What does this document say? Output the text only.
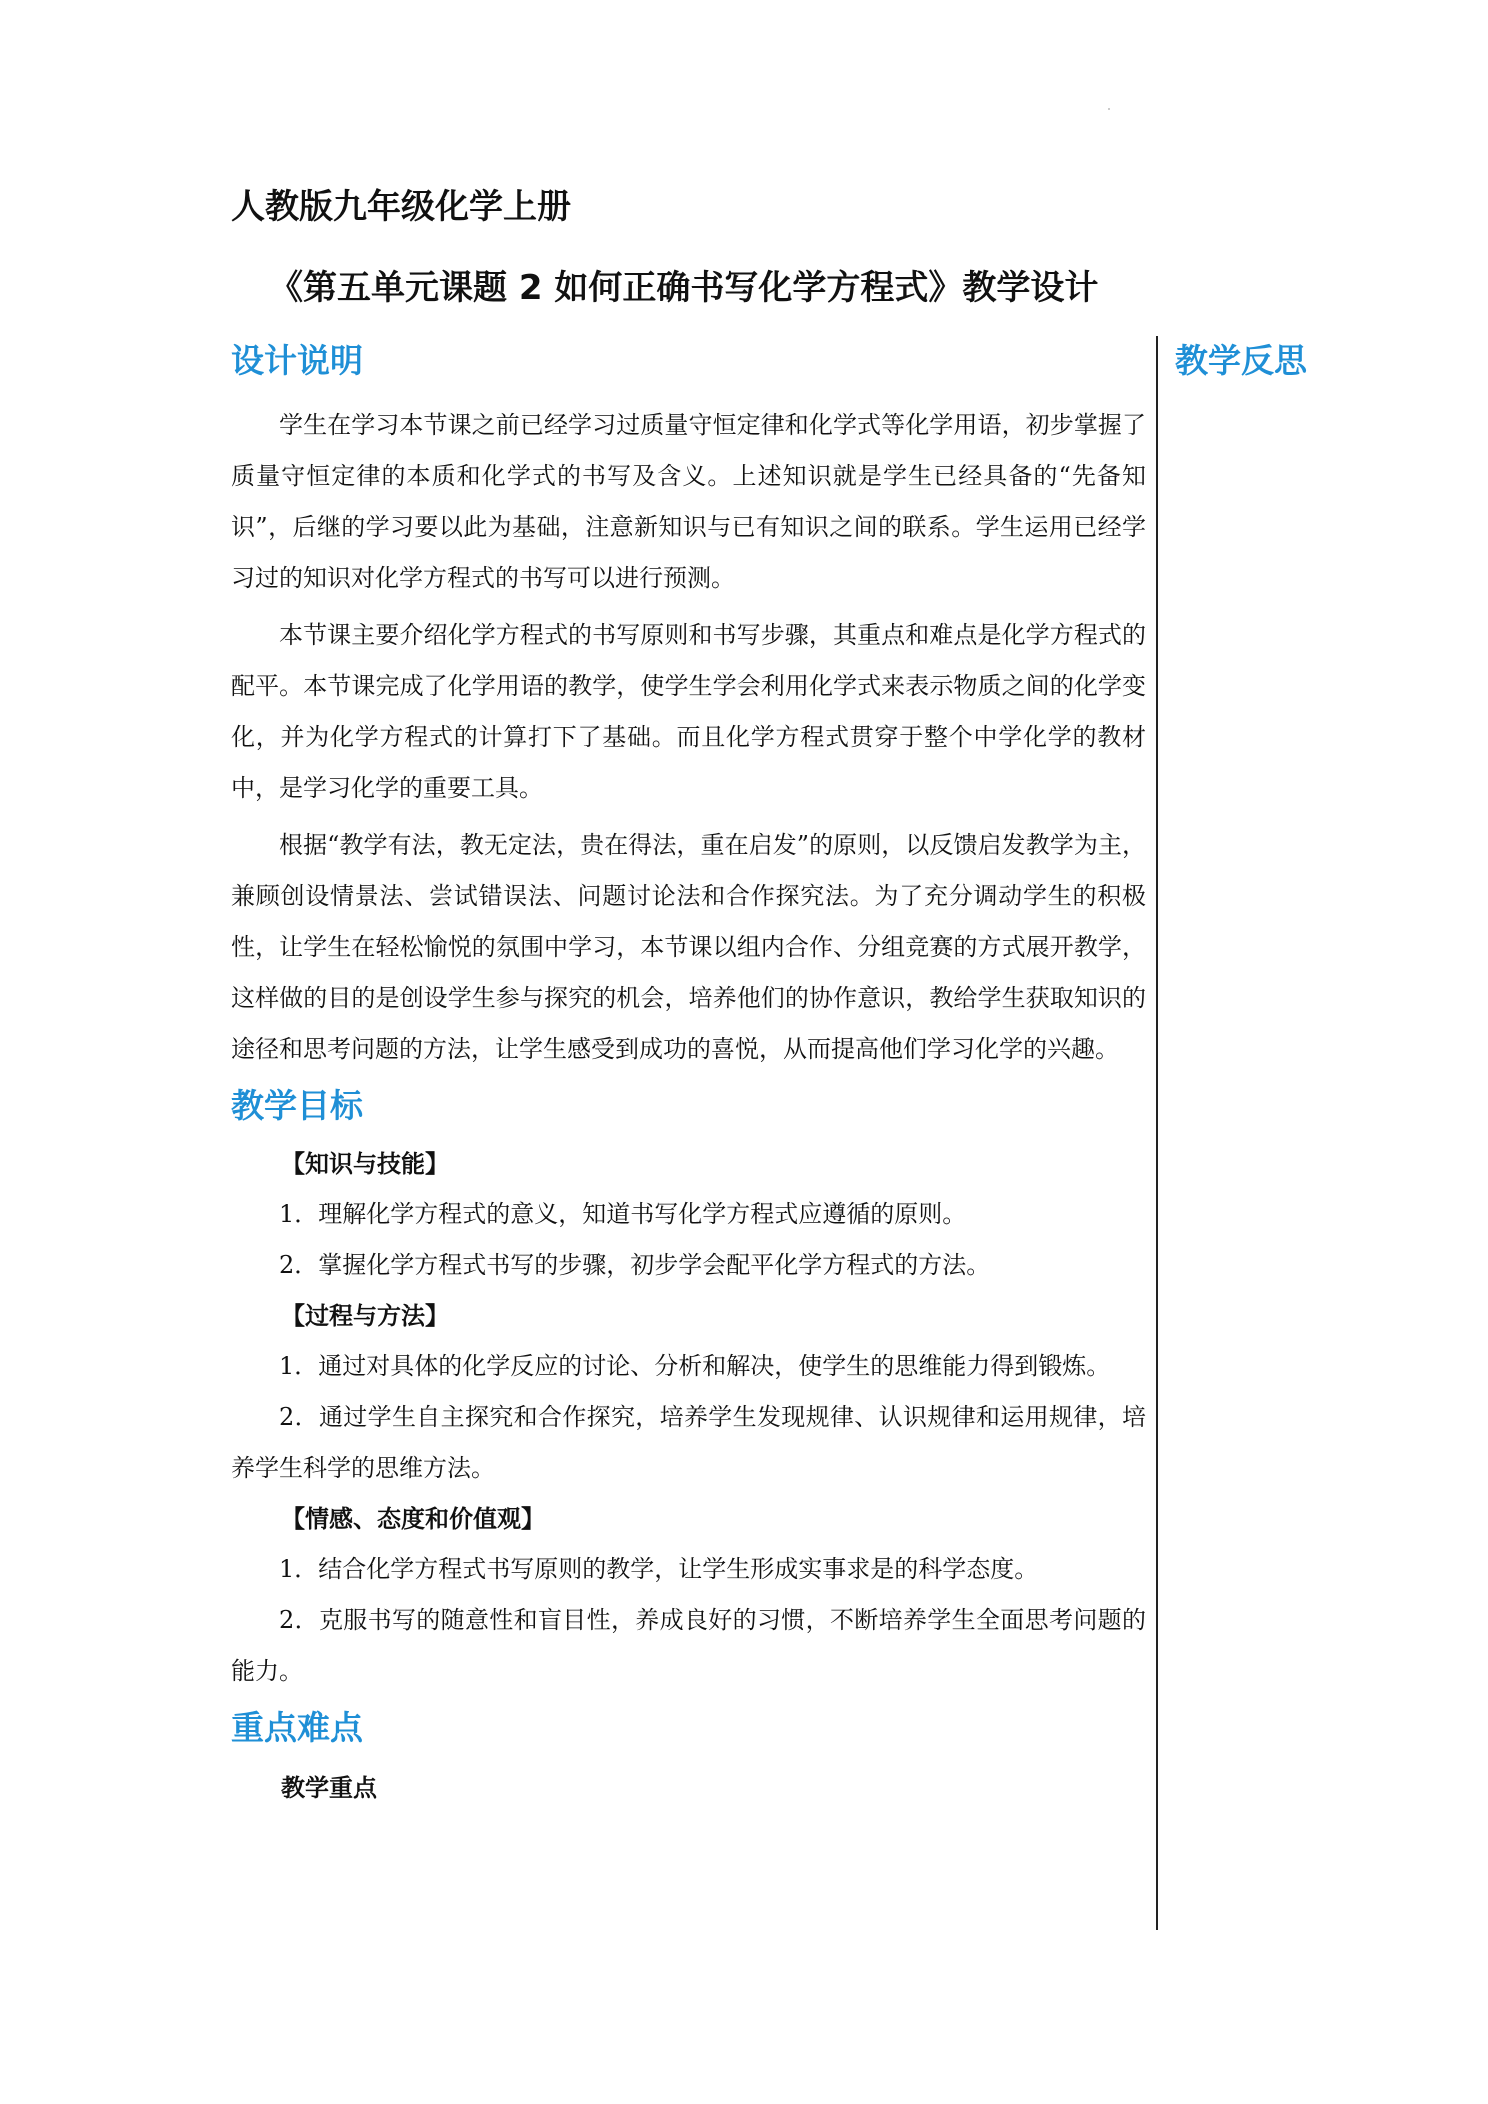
人教版九年级化学上册
《第五单元课题 2 如何正确书写化学方程式》教学设计
教学反思
设计说明

学生在学习本节课之前已经学习过质量守恒定律和化学式等化学用语，初步掌握了质量守恒定律的本质和化学式的书写及含义。上述知识就是学生已经具备的“先备知识”，后继的学习要以此为基础，注意新知识与已有知识之间的联系。学生运用已经学习过的知识对化学方程式的书写可以进行预测。

本节课主要介绍化学方程式的书写原则和书写步骤，其重点和难点是化学方程式的配平。本节课完成了化学用语的教学，使学生学会利用化学式来表示物质之间的化学变化，并为化学方程式的计算打下了基础。而且化学方程式贯穿于整个中学化学的教材中，是学习化学的重要工具。

根据“教学有法，教无定法，贵在得法，重在启发”的原则，以反馈启发教学为主，兼顾创设情景法、尝试错误法、问题讨论法和合作探究法。为了充分调动学生的积极性，让学生在轻松愉悦的氛围中学习，本节课以组内合作、分组竞赛的方式展开教学，这样做的目的是创设学生参与探究的机会，培养他们的协作意识，教给学生获取知识的途径和思考问题的方法，让学生感受到成功的喜悦，从而提高他们学习化学的兴趣。

教学目标

【知识与技能】

1．理解化学方程式的意义，知道书写化学方程式应遵循的原则。

2．掌握化学方程式书写的步骤，初步学会配平化学方程式的方法。

【过程与方法】

1．通过对具体的化学反应的讨论、分析和解决，使学生的思维能力得到锻炼。

2．通过学生自主探究和合作探究，培养学生发现规律、认识规律和运用规律，培养学生科学的思维方法。

【情感、态度和价值观】

1．结合化学方程式书写原则的教学，让学生形成实事求是的科学态度。

2．克服书写的随意性和盲目性，养成良好的习惯，不断培养学生全面思考问题的能力。

重点难点

教学重点
